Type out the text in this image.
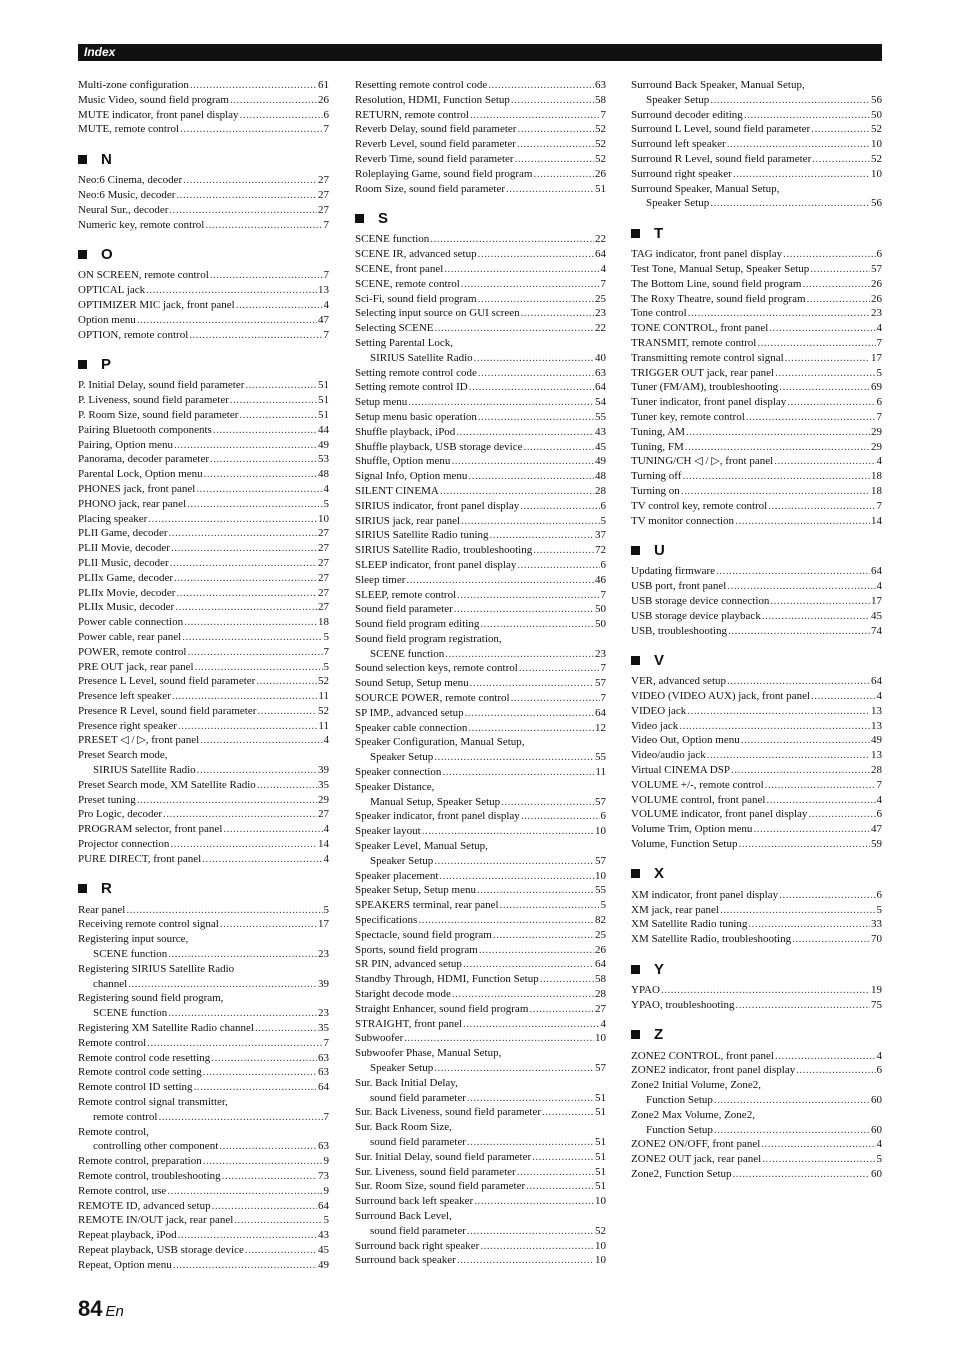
Index
Multi-zone configuration .....	61
Music Video, sound field program .....	26
MUTE indicator, front panel display .....	6
MUTE, remote control .....	7
N
Neo:6 Cinema, decoder .....	27
Neo:6 Music, decoder .....	27
Neural Sur., decoder .....	27
Numeric key, remote control .....	7
O
ON SCREEN, remote control .....	7
OPTICAL jack .....	13
OPTIMIZER MIC jack, front panel .....	4
Option menu .....	47
OPTION, remote control .....	7
P
P. Initial Delay, sound field parameter .....	51
P. Liveness, sound field parameter .....	51
P. Room Size, sound field parameter .....	51
Pairing Bluetooth components .....	44
Pairing, Option menu .....	49
Panorama, decoder parameter .....	53
Parental Lock, Option menu .....	48
PHONES jack, front panel .....	4
PHONO jack, rear panel .....	5
Placing speaker .....	10
PLII Game, decoder .....	27
PLII Movie, decoder .....	27
PLII Music, decoder .....	27
PLIIx Game, decoder .....	27
PLIIx Movie, decoder .....	27
PLIIx Music, decoder .....	27
Power cable connection .....	18
Power cable, rear panel .....	5
POWER, remote control .....	7
PRE OUT jack, rear panel .....	5
Presence L Level, sound field parameter .....	52
Presence left speaker .....	11
Presence R Level, sound field parameter .....	52
Presence right speaker .....	11
PRESET ◁ / ▷, front panel .....	4
Preset Search mode,
SIRIUS Satellite Radio .....	39
Preset Search mode, XM Satellite Radio .....	35
Preset tuning .....	29
Pro Logic, decoder .....	27
PROGRAM selector, front panel .....	4
Projector connection .....	14
PURE DIRECT, front panel .....	4
R
Rear panel .....	5
Receiving remote control signal .....	17
Registering input source,
SCENE function .....	23
Registering SIRIUS Satellite Radio
channel .....	39
Registering sound field program,
SCENE function .....	23
Registering XM Satellite Radio channel .....	35
Remote control .....	7
Remote control code resetting .....	63
Remote control code setting .....	63
Remote control ID setting .....	64
Remote control signal transmitter,
remote control .....	7
Remote control,
controlling other component .....	63
Remote control, preparation .....	9
Remote control, troubleshooting .....	73
Remote control, use .....	9
REMOTE ID, advanced setup .....	64
REMOTE IN/OUT jack, rear panel .....	5
Repeat playback, iPod .....	43
Repeat playback, USB storage device .....	45
Repeat, Option menu .....	49
Resetting remote control code .....	63
Resolution, HDMI, Function Setup .....	58
RETURN, remote control .....	7
Reverb Delay, sound field parameter .....	52
Reverb Level, sound field parameter .....	52
Reverb Time, sound field parameter .....	52
Roleplaying Game, sound field program .....	26
Room Size, sound field parameter .....	51
S
SCENE function .....	22
SCENE IR, advanced setup .....	64
SCENE, front panel .....	4
SCENE, remote control .....	7
Sci-Fi, sound field program .....	25
Selecting input source on GUI screen .....	23
Selecting SCENE .....	22
Setting Parental Lock,
SIRIUS Satellite Radio .....	40
Setting remote control code .....	63
Setting remote control ID .....	64
Setup menu .....	54
Setup menu basic operation .....	55
Shuffle playback, iPod .....	43
Shuffle playback, USB storage device .....	45
Shuffle, Option menu .....	49
Signal Info, Option menu .....	48
SILENT CINEMA .....	28
SIRIUS indicator, front panel display .....	6
SIRIUS jack, rear panel .....	5
SIRIUS Satellite Radio tuning .....	37
SIRIUS Satellite Radio, troubleshooting .....	72
SLEEP indicator, front panel display .....	6
Sleep timer .....	46
SLEEP, remote control .....	7
Sound field parameter .....	50
Sound field program editing .....	50
Sound field program registration,
SCENE function .....	23
Sound selection keys, remote control .....	7
Sound Setup, Setup menu .....	57
SOURCE POWER, remote control .....	7
SP IMP., advanced setup .....	64
Speaker cable connection .....	12
Speaker Configuration, Manual Setup,
Speaker Setup .....	55
Speaker connection .....	11
Speaker Distance,
Manual Setup, Speaker Setup .....	57
Speaker indicator, front panel display .....	6
Speaker layout .....	10
Speaker Level, Manual Setup,
Speaker Setup .....	57
Speaker placement .....	10
Speaker Setup, Setup menu .....	55
SPEAKERS terminal, rear panel .....	5
Specifications .....	82
Spectacle, sound field program .....	25
Sports, sound field program .....	26
SR PIN, advanced setup .....	64
Standby Through, HDMI, Function Setup .....	58
Staright decode mode .....	28
Straight Enhancer, sound field program .....	27
STRAIGHT, front panel .....	4
Subwoofer .....	10
Subwoofer Phase, Manual Setup,
Speaker Setup .....	57
Sur. Back Initial Delay,
sound field parameter .....	51
Sur. Back Liveness, sound field parameter .....	51
Sur. Back Room Size,
sound field parameter .....	51
Sur. Initial Delay, sound field parameter .....	51
Sur. Liveness, sound field parameter .....	51
Sur. Room Size, sound field parameter .....	51
Surround back left speaker .....	10
Surround Back Level,
sound field parameter .....	52
Surround back right speaker .....	10
Surround back speaker .....	10
Surround Back Speaker, Manual Setup,
Speaker Setup .....	56
Surround decoder editing .....	50
Surround L Level, sound field parameter .....	52
Surround left speaker .....	10
Surround R Level, sound field parameter .....	52
Surround right speaker .....	10
Surround Speaker, Manual Setup,
Speaker Setup .....	56
T
TAG indicator, front panel display .....	6
Test Tone, Manual Setup, Speaker Setup .....	57
The Bottom Line, sound field program .....	26
The Roxy Theatre, sound field program .....	26
Tone control .....	23
TONE CONTROL, front panel .....	4
TRANSMIT, remote control .....	7
Transmitting remote control signal .....	17
TRIGGER OUT jack, rear panel .....	5
Tuner (FM/AM), troubleshooting .....	69
Tuner indicator, front panel display .....	6
Tuner key, remote control .....	7
Tuning, AM .....	29
Tuning, FM .....	29
TUNING/CH ◁ / ▷, front panel .....	4
Turning off .....	18
Turning on .....	18
TV control key, remote control .....	7
TV monitor connection .....	14
U
Updating firmware .....	64
USB port, front panel .....	4
USB storage device connection .....	17
USB storage device playback .....	45
USB, troubleshooting .....	74
V
VER, advanced setup .....	64
VIDEO (VIDEO AUX) jack, front panel .....	4
VIDEO jack .....	13
Video jack .....	13
Video Out, Option menu .....	49
Video/audio jack .....	13
Virtual CINEMA DSP .....	28
VOLUME +/-, remote control .....	7
VOLUME control, front panel .....	4
VOLUME indicator, front panel display .....	6
Volume Trim, Option menu .....	47
Volume, Function Setup .....	59
X
XM indicator, front panel display .....	6
XM jack, rear panel .....	5
XM Satellite Radio tuning .....	33
XM Satellite Radio, troubleshooting .....	70
Y
YPAO .....	19
YPAO, troubleshooting .....	75
Z
ZONE2 CONTROL, front panel .....	4
ZONE2 indicator, front panel display .....	6
Zone2 Initial Volume, Zone2,
Function Setup .....	60
Zone2 Max Volume, Zone2,
Function Setup .....	60
ZONE2 ON/OFF, front panel .....	4
ZONE2 OUT jack, rear panel .....	5
Zone2, Function Setup .....	60
84 En
